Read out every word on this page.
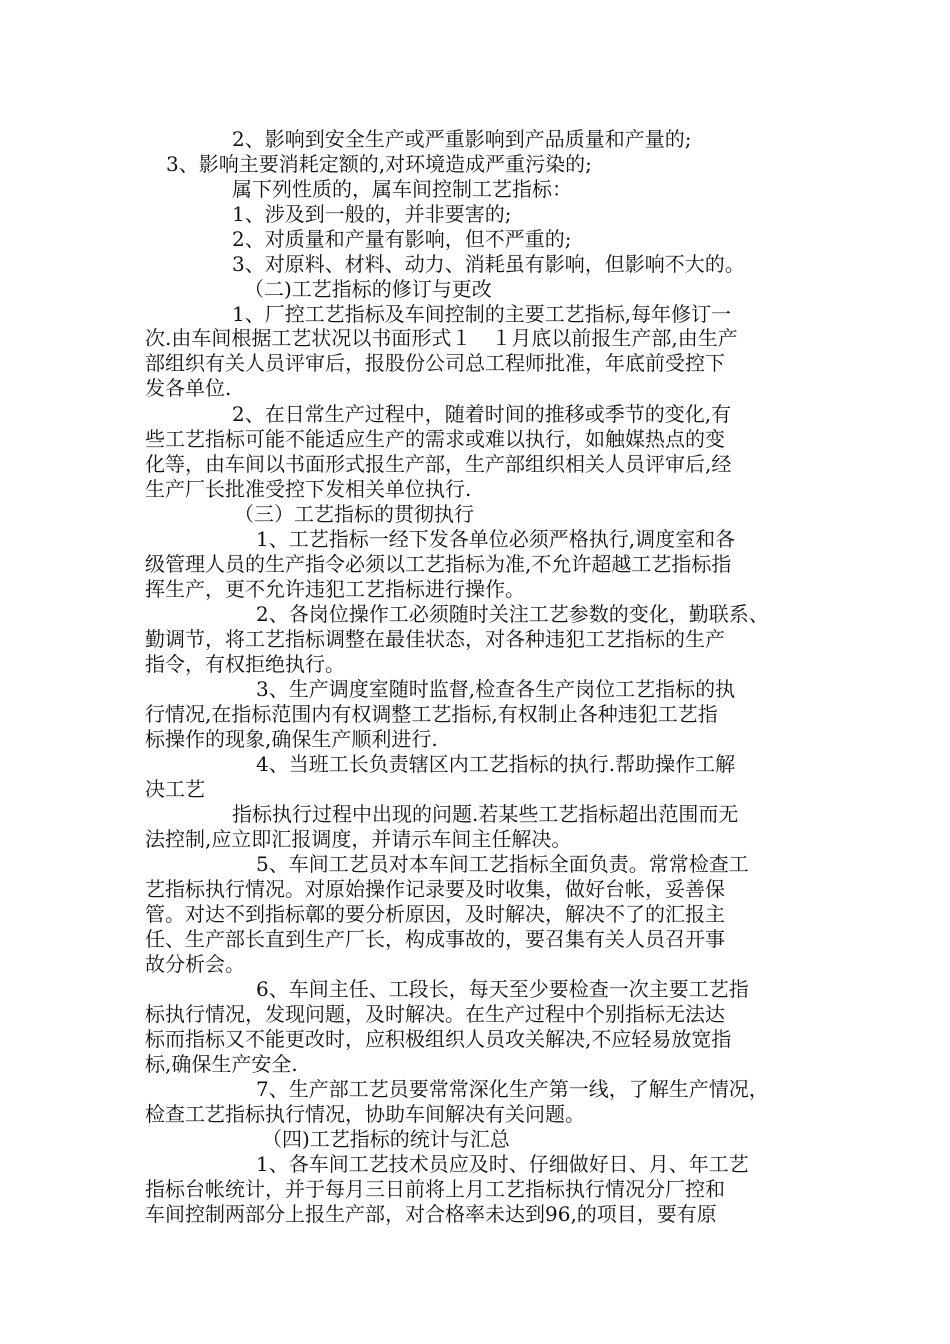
2、影响到安全生产或严重影响到产品质量和产量的;
3、影响主要消耗定额的,对环境造成严重污染的;
属下列性质的，属车间控制工艺指标：
1、涉及到一般的，并非要害的;
2、对质量和产量有影响，但不严重的;
3、对原料、材料、动力、消耗虽有影响，但影响不大的。
（二)工艺指标的修订与更改
1、厂控工艺指标及车间控制的主要工艺指标,每年修订一
次.由车间根据工艺状况以书面形式１　１月底以前报生产部,由生产
部组织有关人员评审后，报股份公司总工程师批准，年底前受控下
发各单位.
2、在日常生产过程中，随着时间的推移或季节的变化,有
些工艺指标可能不能适应生产的需求或难以执行，如触媒热点的变
化等，由车间以书面形式报生产部，生产部组织相关人员评审后,经
生产厂长批准受控下发相关单位执行.
（三）工艺指标的贯彻执行
1、工艺指标一经下发各单位必须严格执行,调度室和各
级管理人员的生产指令必须以工艺指标为准,不允许超越工艺指标指
挥生产，更不允许违犯工艺指标进行操作。
2、各岗位操作工必须随时关注工艺参数的变化，勤联系、
勤调节，将工艺指标调整在最佳状态，对各种违犯工艺指标的生产
指令，有权拒绝执行。
3、生产调度室随时监督,检查各生产岗位工艺指标的执
行情况,在指标范围内有权调整工艺指标,有权制止各种违犯工艺指
标操作的现象,确保生产顺利进行.
4、当班工长负责辖区内工艺指标的执行.帮助操作工解
决工艺
指标执行过程中出现的问题.若某些工艺指标超出范围而无
法控制,应立即汇报调度，并请示车间主任解决。
5、车间工艺员对本车间工艺指标全面负责。常常检查工
艺指标执行情况。对原始操作记录要及时收集，做好台帐，妥善保
管。对达不到指标鄣的要分析原因，及时解决，解决不了的汇报主
任、生产部长直到生产厂长，构成事故的，要召集有关人员召开事
故分析会。
6、车间主任、工段长，每天至少要检查一次主要工艺指
标执行情况，发现问题，及时解决。在生产过程中个别指标无法达
标而指标又不能更改时，应积极组织人员攻关解决,不应轻易放宽指
标,确保生产安全.
7、生产部工艺员要常常深化生产第一线，了解生产情况，
检查工艺指标执行情况，协助车间解决有关问题。
（四)工艺指标的统计与汇总
1、各车间工艺技术员应及时、仔细做好日、月、年工艺
指标台帐统计，并于每月三日前将上月工艺指标执行情况分厂控和
车间控制两部分上报生产部，对合格率未达到96,的项目，要有原
